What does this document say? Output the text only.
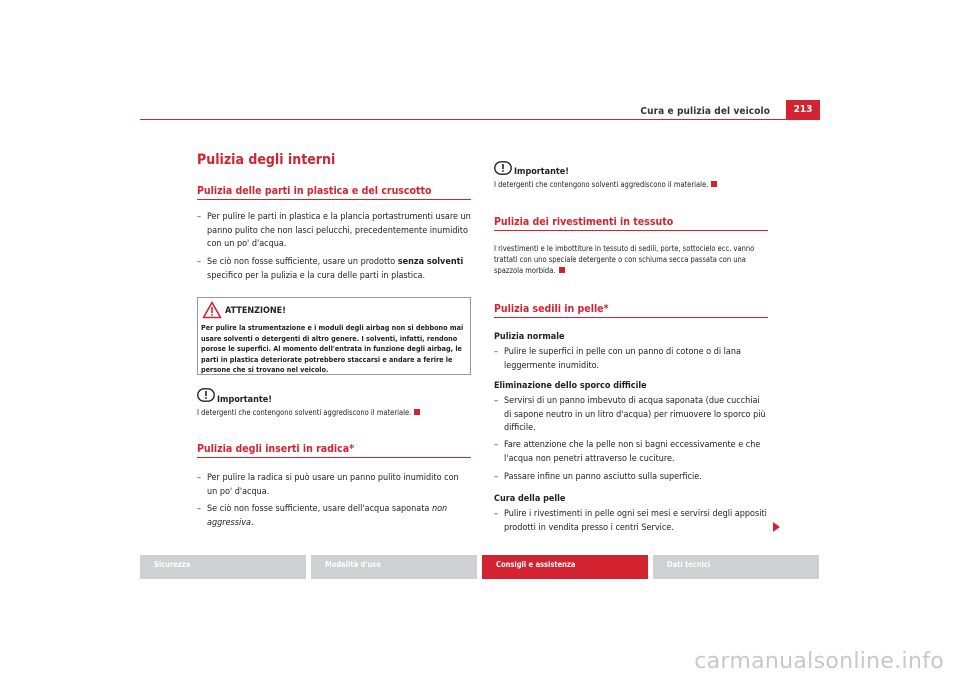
Cura e pulizia del veicolo	213
Pulizia degli interni
Pulizia delle parti in plastica e del cruscotto
– Per pulire le parti in plastica e la plancia portastrumenti usare un panno pulito che non lasci pelucchi, precedentemente inumidito con un po' d'acqua.
– Se ciò non fosse sufficiente, usare un prodotto senza solventi specifico per la pulizia e la cura delle parti in plastica.
ATTENZIONE!
Per pulire la strumentazione e i moduli degli airbag non si debbono mai usare solventi o detergenti di altro genere. I solventi, infatti, rendono porose le superfici. Al momento dell'entrata in funzione degli airbag, le parti in plastica deteriorate potrebbero staccarsi e andare a ferire le persone che si trovano nel veicolo.
Importante!
I detergenti che contengono solventi aggrediscono il materiale.
Pulizia degli inserti in radica*
– Per pulire la radica si può usare un panno pulito inumidito con un po' d'acqua.
– Se ciò non fosse sufficiente, usare dell'acqua saponata non aggressiva.
Importante!
I detergenti che contengono solventi aggrediscono il materiale.
Pulizia dei rivestimenti in tessuto
I rivestimenti e le imbottiture in tessuto di sedili, porte, sottocielo ecc. vanno trattati con uno speciale detergente o con schiuma secca passata con una spazzola morbida.
Pulizia sedili in pelle*
Pulizia normale
– Pulire le superfici in pelle con un panno di cotone o di lana leggermente inumidito.
Eliminazione dello sporco difficile
– Servirsi di un panno imbevuto di acqua saponata (due cucchiai di sapone neutro in un litro d'acqua) per rimuovere lo sporco più difficile.
– Fare attenzione che la pelle non si bagni eccessivamente e che l'acqua non penetri attraverso le cuciture.
– Passare infine un panno asciutto sulla superficie.
Cura della pelle
– Pulire i rivestimenti in pelle ogni sei mesi e servirsi degli appositi prodotti in vendita presso i centri Service.
Sicurezza	Modalità d'uso	Consigli e assistenza	Dati tecnici
carmanualsonline.info
